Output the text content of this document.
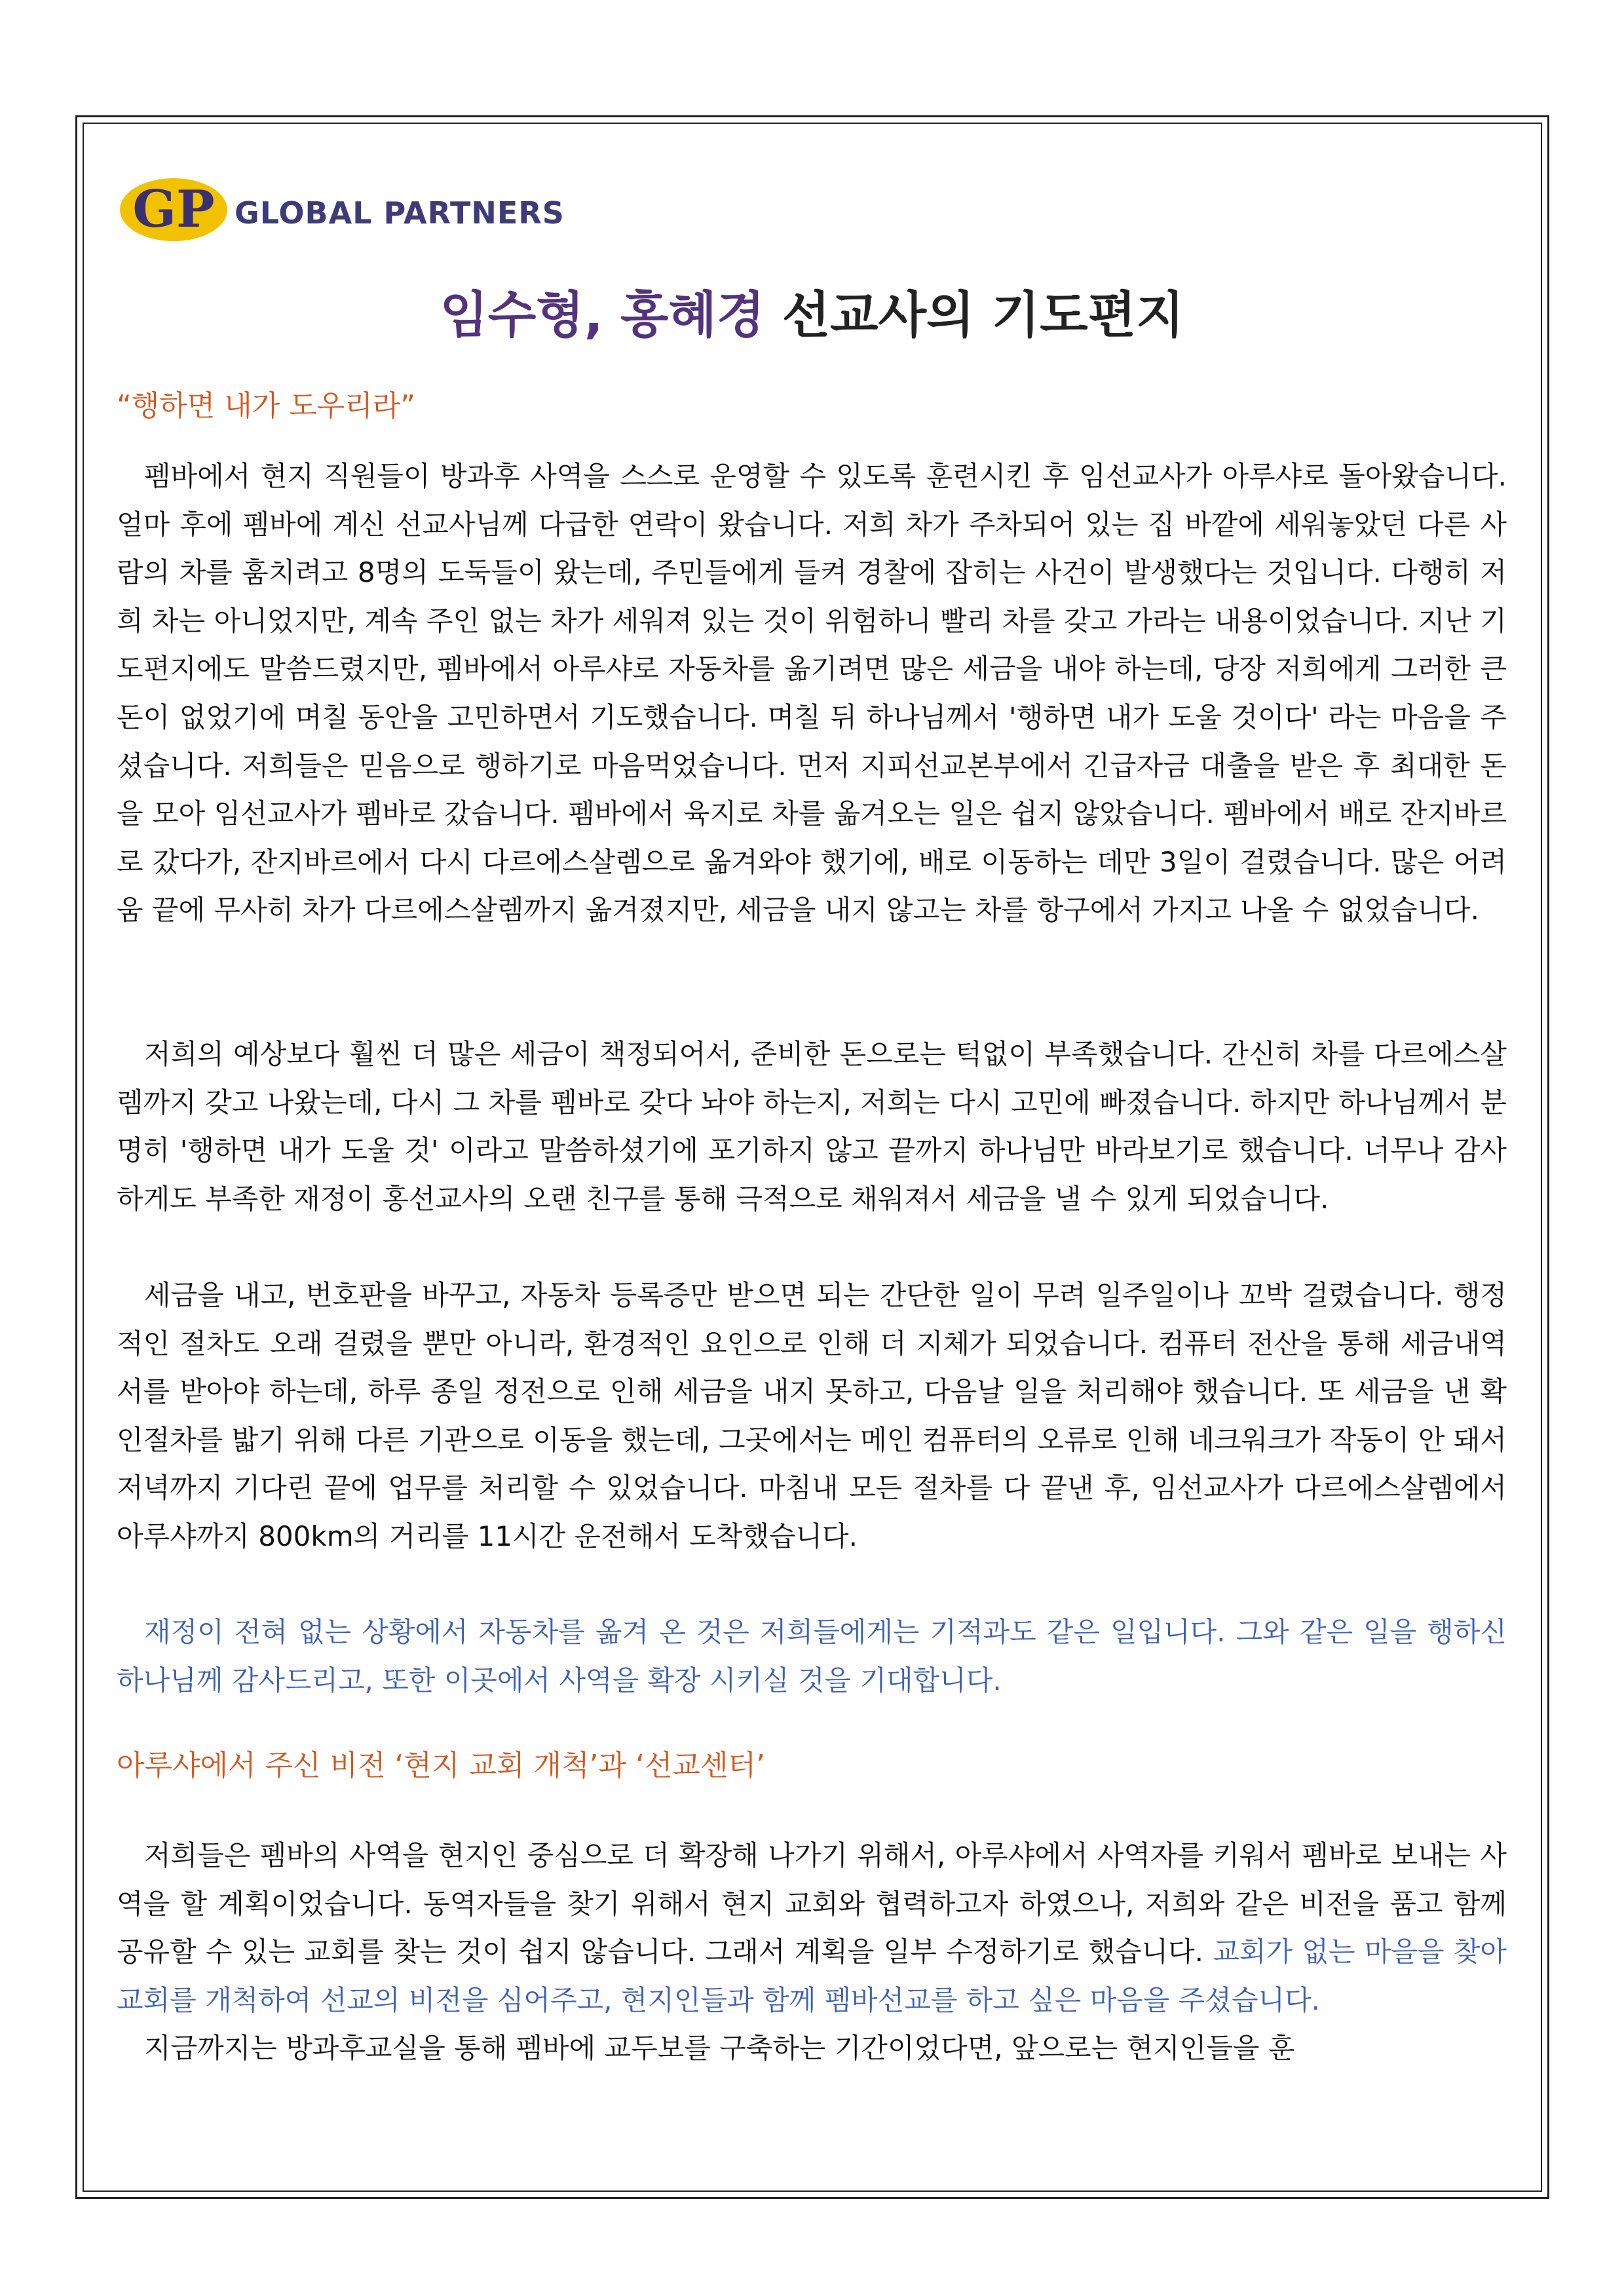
GP GLOBAL PARTNERS
임수형, 홍혜경 선교사의 기도편지
“행하면 내가 도우리라”
펨바에서 현지 직원들이 방과후 사역을 스스로 운영할 수 있도록 훈련시킨 후 임선교사가 아루샤로 돌아왔습니다. 얼마 후에 펨바에 계신 선교사님께 다급한 연락이 왔습니다. 저희 차가 주차되어 있는 집 바깥에 세워놓았던 다른 사람의 차를 훔치려고 8명의 도둑들이 왔는데, 주민들에게 들켜 경찰에 잡히는 사건이 발생했다는 것입니다. 다행히 저희 차는 아니었지만, 계속 주인 없는 차가 세워져 있는 것이 위험하니 빨리 차를 갖고 가라는 내용이었습니다. 지난 기도편지에도 말씀드렸지만, 펨바에서 아루샤로 자동차를 옮기려면 많은 세금을 내야 하는데, 당장 저희에게 그러한 큰돈이 없었기에 며칠 동안을 고민하면서 기도했습니다. 며칠 뒤 하나님께서 '행하면 내가 도울 것이다' 라는 마음을 주셨습니다. 저희들은 믿음으로 행하기로 마음먹었습니다. 먼저 지피선교본부에서 긴급자금 대출을 받은 후 최대한 돈을 모아 임선교사가 펨바로 갔습니다. 펨바에서 육지로 차를 옮겨오는 일은 쉽지 않았습니다. 펨바에서 배로 잔지바르로 갔다가, 잔지바르에서 다시 다르에스살렘으로 옮겨와야 했기에, 배로 이동하는 데만 3일이 걸렸습니다. 많은 어려움 끝에 무사히 차가 다르에스살렘까지 옮겨졌지만, 세금을 내지 않고는 차를 항구에서 가지고 나올 수 없었습니다.
저희의 예상보다 훨씬 더 많은 세금이 책정되어서, 준비한 돈으로는 턱없이 부족했습니다. 간신히 차를 다르에스살렘까지 갖고 나왔는데, 다시 그 차를 펨바로 갖다 놔야 하는지, 저희는 다시 고민에 빠졌습니다. 하지만 하나님께서 분명히 '행하면 내가 도울 것' 이라고 말씀하셨기에 포기하지 않고 끝까지 하나님만 바라보기로 했습니다. 너무나 감사하게도 부족한 재정이 홍선교사의 오랜 친구를 통해 극적으로 채워져서 세금을 낼 수 있게 되었습니다.
세금을 내고, 번호판을 바꾸고, 자동차 등록증만 받으면 되는 간단한 일이 무려 일주일이나 꼬박 걸렸습니다. 행정적인 절차도 오래 걸렸을 뿐만 아니라, 환경적인 요인으로 인해 더 지체가 되었습니다. 컴퓨터 전산을 통해 세금내역서를 받아야 하는데, 하루 종일 정전으로 인해 세금을 내지 못하고, 다음날 일을 처리해야 했습니다. 또 세금을 낸 확인절차를 밟기 위해 다른 기관으로 이동을 했는데, 그곳에서는 메인 컴퓨터의 오류로 인해 네크워크가 작동이 안 돼서 저녁까지 기다린 끝에 업무를 처리할 수 있었습니다. 마침내 모든 절차를 다 끝낸 후, 임선교사가 다르에스살렘에서 아루샤까지 800km의 거리를 11시간 운전해서 도착했습니다.
재정이 전혀 없는 상황에서 자동차를 옮겨 온 것은 저희들에게는 기적과도 같은 일입니다. 그와 같은 일을 행하신 하나님께 감사드리고, 또한 이곳에서 사역을 확장 시키실 것을 기대합니다.
아루샤에서 주신 비전 ‘현지 교회 개척’과 ‘선교센터’
저희들은 펨바의 사역을 현지인 중심으로 더 확장해 나가기 위해서, 아루샤에서 사역자를 키워서 펨바로 보내는 사역을 할 계획이었습니다. 동역자들을 찾기 위해서 현지 교회와 협력하고자 하였으나, 저희와 같은 비전을 품고 함께 공유할 수 있는 교회를 찾는 것이 쉽지 않습니다. 그래서 계획을 일부 수정하기로 했습니다. 교회가 없는 마을을 찾아 교회를 개척하여 선교의 비전을 심어주고, 현지인들과 함께 펨바선교를 하고 싶은 마음을 주셨습니다.
지금까지는 방과후교실을 통해 펨바에 교두보를 구축하는 기간이었다면, 앞으로는 현지인들을 훈
